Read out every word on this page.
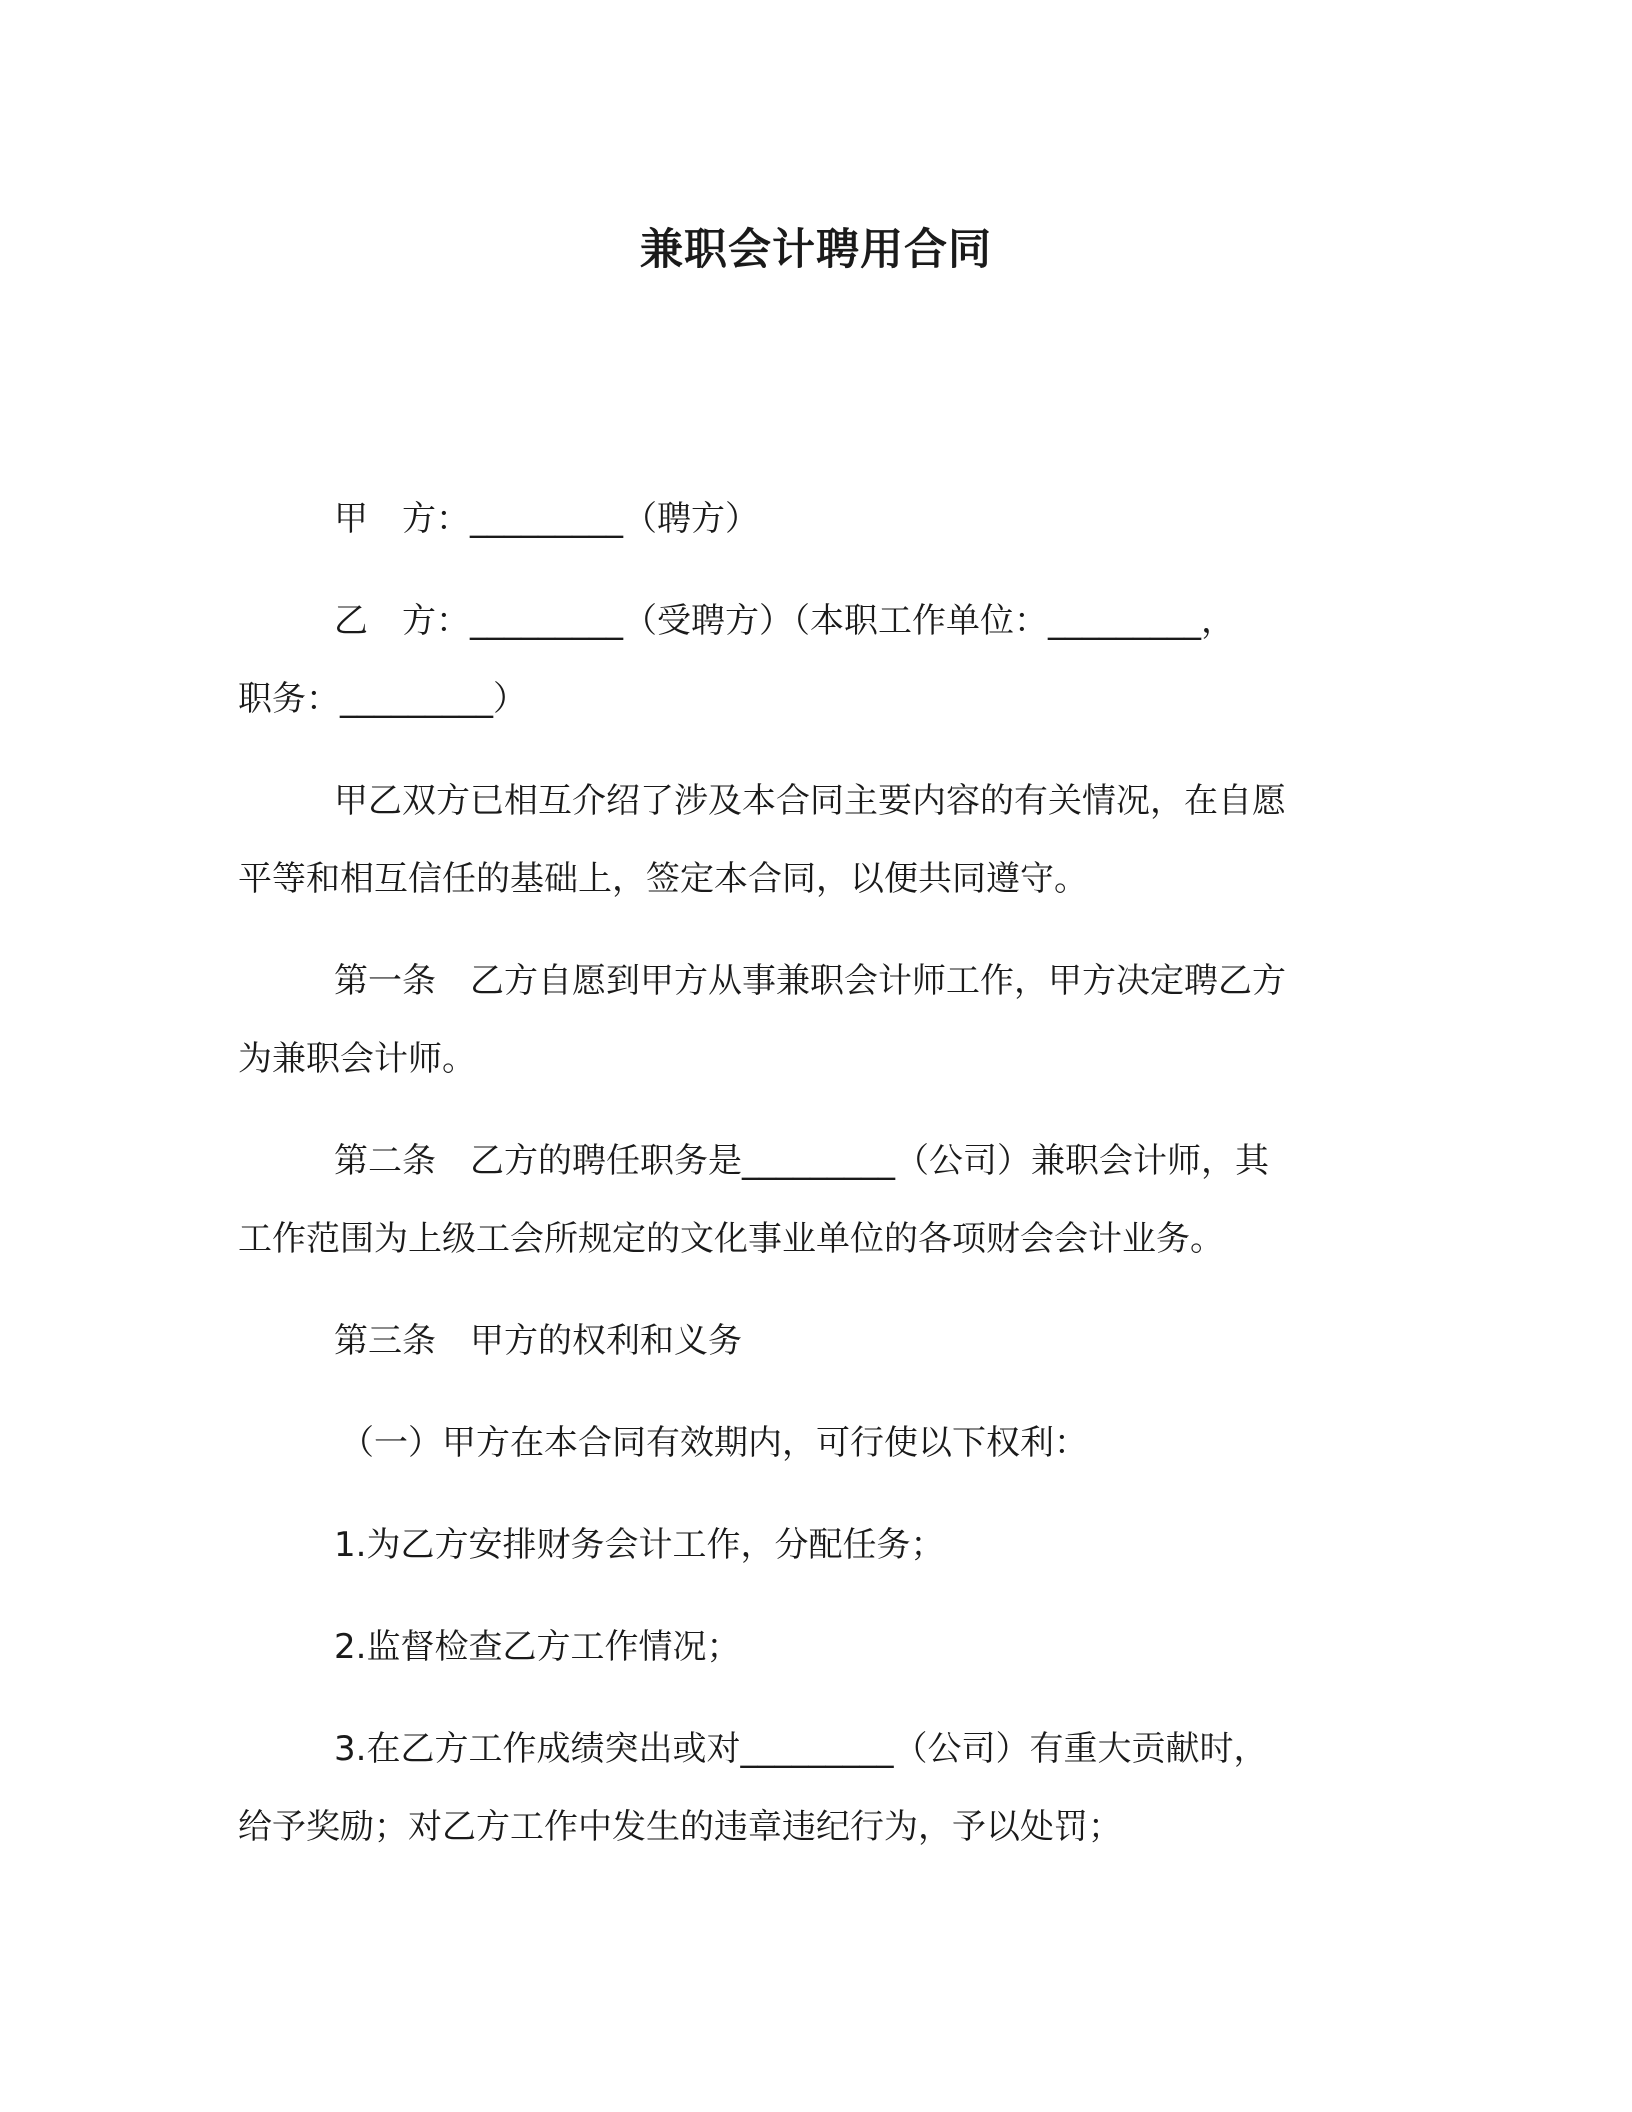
兼职会计聘用合同
甲　方：_________（聘方）
乙　方：_________（受聘方）（本职工作单位：_________，
职务：_________）
甲乙双方已相互介绍了涉及本合同主要内容的有关情况，在自愿
平等和相互信任的基础上，签定本合同，以便共同遵守。
第一条　乙方自愿到甲方从事兼职会计师工作，甲方决定聘乙方
为兼职会计师。
第二条　乙方的聘任职务是_________（公司）兼职会计师，其
工作范围为上级工会所规定的文化事业单位的各项财会会计业务。
第三条　甲方的权利和义务
（一）甲方在本合同有效期内，可行使以下权利：
1.为乙方安排财务会计工作，分配任务；
2.监督检查乙方工作情况；
3.在乙方工作成绩突出或对_________（公司）有重大贡献时，
给予奖励；对乙方工作中发生的违章违纪行为，予以处罚；
